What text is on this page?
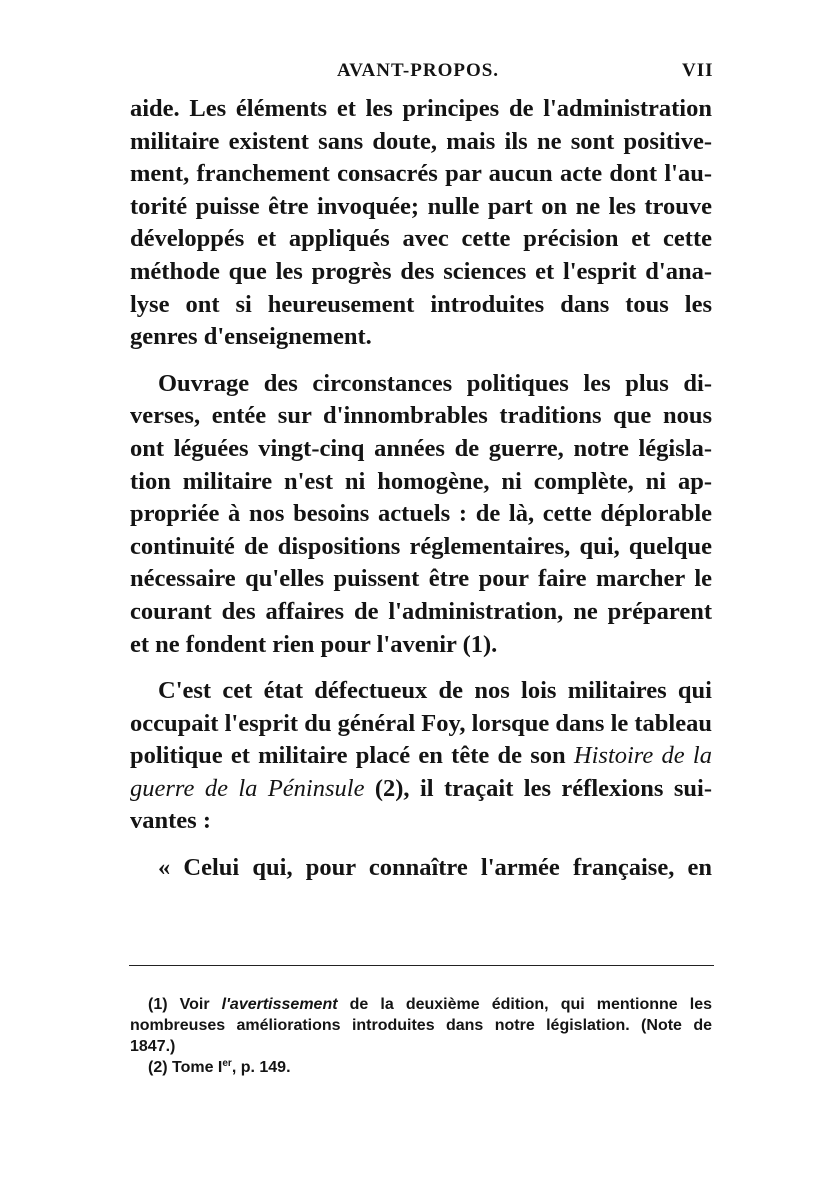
AVANT-PROPOS.	VII
aide. Les éléments et les principes de l'administration
militaire existent sans doute, mais ils ne sont positive-
ment, franchement consacrés par aucun acte dont l'au-
torité puisse être invoquée; nulle part on ne les trouve
développés et appliqués avec cette précision et cette
méthode que les progrès des sciences et l'esprit d'ana-
lyse ont si heureusement introduites dans tous les
genres d'enseignement.
Ouvrage des circonstances politiques les plus di-
verses, entée sur d'innombrables traditions que nous
ont léguées vingt-cinq années de guerre, notre législa-
tion militaire n'est ni homogène, ni complète, ni ap-
propriée à nos besoins actuels : de là, cette déplorable
continuité de dispositions réglementaires, qui, quelque
nécessaire qu'elles puissent être pour faire marcher le
courant des affaires de l'administration, ne préparent
et ne fondent rien pour l'avenir (1).
C'est cet état défectueux de nos lois militaires qui
occupait l'esprit du général Foy, lorsque dans le tableau
politique et militaire placé en tête de son Histoire de la
guerre de la Péninsule (2), il traçait les réflexions sui-
vantes :
« Celui qui, pour connaître l'armée française, en
(1) Voir l'avertissement de la deuxième édition, qui mentionne les
nombreuses améliorations introduites dans notre législation. (Note de
1847.)
(2) Tome Ier, p. 149.
